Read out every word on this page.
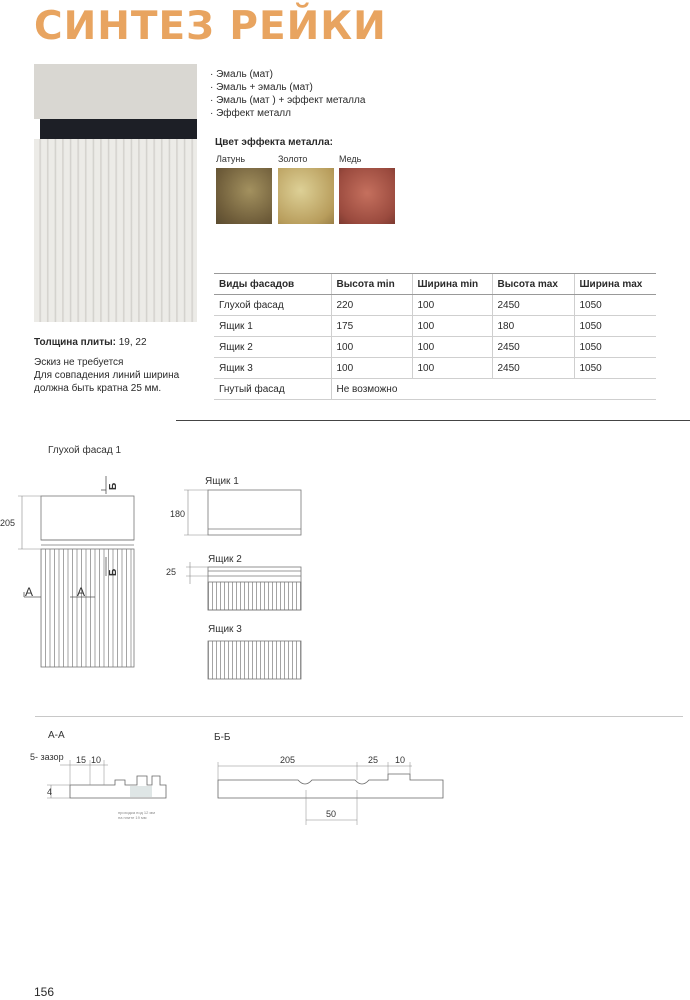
СИНТЕЗ РЕЙКИ
· Эмаль (мат)
· Эмаль + эмаль (мат)
· Эмаль (мат ) + эффект металла
· Эффект металл
Цвет эффекта металла:
Латунь	Золото	Медь
Виды фасадов	Высота min	Ширина min	Высота max	Ширина max
Глухой фасад	220	100	2450	1050
Ящик 1	175	100	180	1050
Ящик 2	100	100	2450	1050
Ящик 3	100	100	2450	1050
Гнутый фасад	Не возможно			
Толщина плиты: 19, 22
Эскиз не требуется
Для совпадения линий ширина
должна быть кратна 25 мм.
Глухой фасад 1
205
Б
Б
А	А
Ящик 1
180
Ящик 2
25
Ящик 3
А-А
5- зазор 15 10
4
проходка под 12 мм
на плите 19 мм
Б-Б
205	25 10
50
156
